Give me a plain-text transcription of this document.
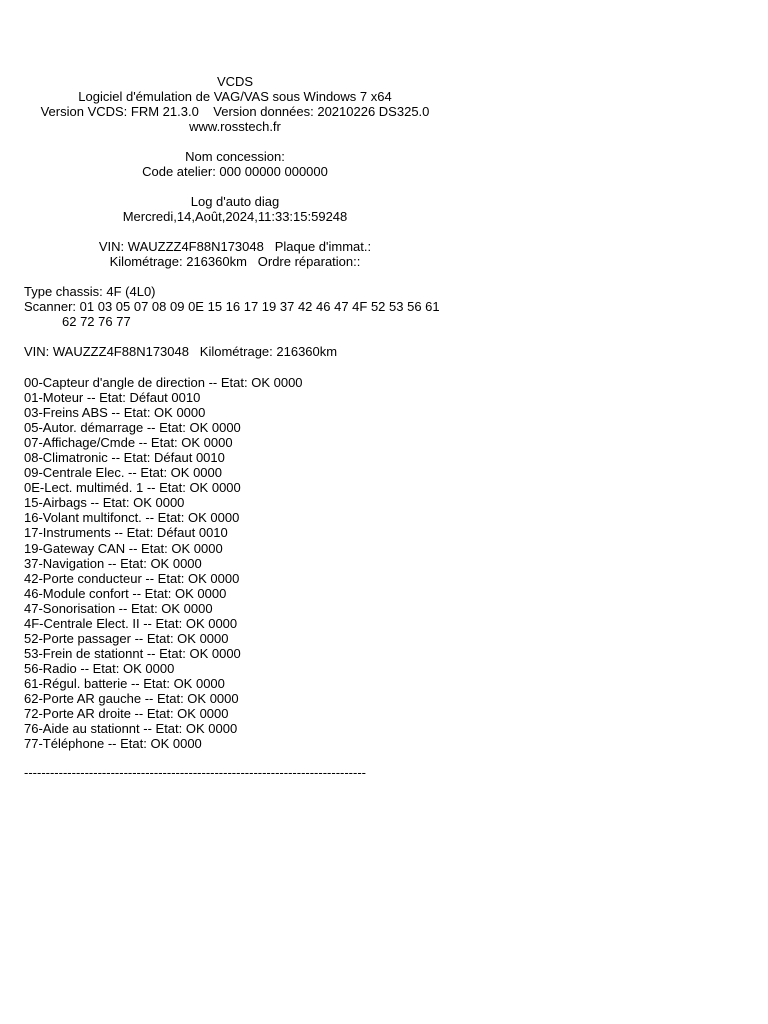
VCDS
Logiciel d'émulation de VAG/VAS sous Windows 7 x64
Version VCDS: FRM 21.3.0    Version données: 20210226 DS325.0
www.rosstech.fr
Nom concession:
Code atelier: 000 00000 000000
Log d'auto diag
Mercredi,14,Août,2024,11:33:15:59248
VIN: WAUZZZ4F88N173048   Plaque d'immat.:
Kilométrage: 216360km   Ordre réparation::
Type chassis: 4F (4L0)
Scanner: 01 03 05 07 08 09 0E 15 16 17 19 37 42 46 47 4F 52 53 56 61
62 72 76 77
VIN: WAUZZZ4F88N173048   Kilométrage: 216360km
00-Capteur d'angle de direction -- Etat: OK 0000
01-Moteur -- Etat: Défaut 0010
03-Freins ABS -- Etat: OK 0000
05-Autor. démarrage -- Etat: OK 0000
07-Affichage/Cmde -- Etat: OK 0000
08-Climatronic -- Etat: Défaut 0010
09-Centrale Elec. -- Etat: OK 0000
0E-Lect. multiméd. 1 -- Etat: OK 0000
15-Airbags -- Etat: OK 0000
16-Volant multifonct. -- Etat: OK 0000
17-Instruments -- Etat: Défaut 0010
19-Gateway CAN -- Etat: OK 0000
37-Navigation -- Etat: OK 0000
42-Porte conducteur -- Etat: OK 0000
46-Module confort -- Etat: OK 0000
47-Sonorisation -- Etat: OK 0000
4F-Centrale Elect. II -- Etat: OK 0000
52-Porte passager -- Etat: OK 0000
53-Frein de stationnt -- Etat: OK 0000
56-Radio -- Etat: OK 0000
61-Régul. batterie -- Etat: OK 0000
62-Porte AR gauche -- Etat: OK 0000
72-Porte AR droite -- Etat: OK 0000
76-Aide au stationnt -- Etat: OK 0000
77-Téléphone -- Etat: OK 0000
-------------------------------------------------------------------------------
